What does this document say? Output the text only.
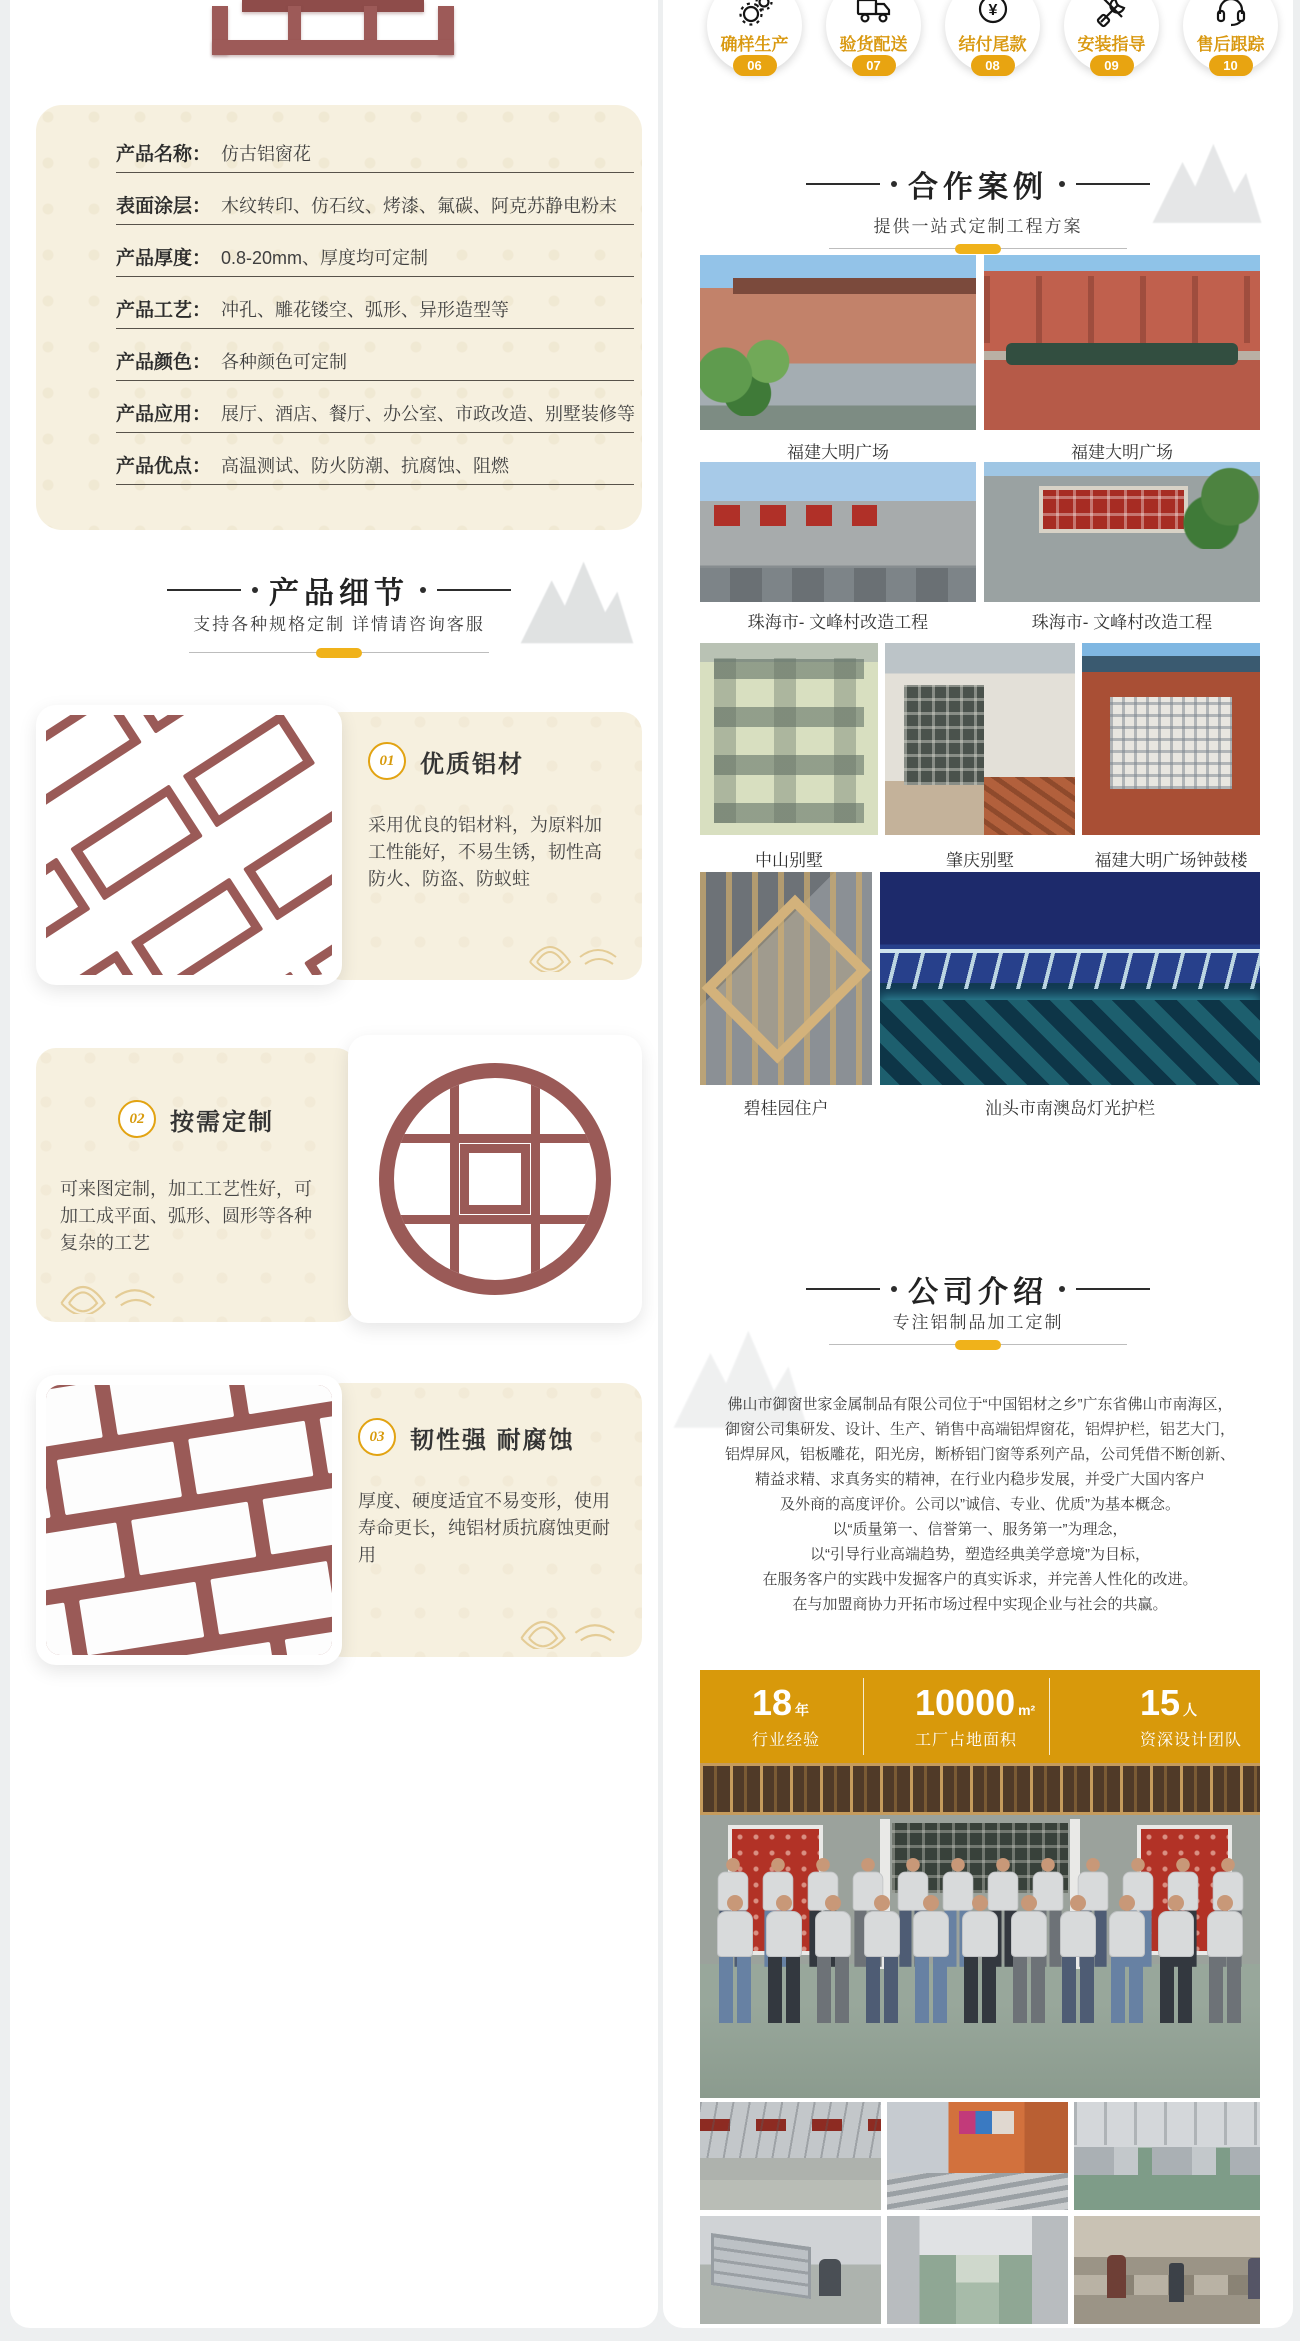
产品名称： 仿古铝窗花
表面涂层： 木纹转印、仿石纹、烤漆、氟碳、阿克苏静电粉末
产品厚度： 0.8-20mm、厚度均可定制
产品工艺： 冲孔、雕花镂空、弧形、异形造型等
产品颜色： 各种颜色可定制
产品应用： 展厅、酒店、餐厅、办公室、市政改造、别墅装修等
产品优点： 高温测试、防火防潮、抗腐蚀、阻燃
产品细节
支持各种规格定制 详情请咨询客服
01	优质铝材
采用优良的铝材料，为原料加
工性能好，不易生锈，韧性高
防火、防盗、防蚁蛀
02	按需定制
可来图定制，加工工艺性好，可
加工成平面、弧形、圆形等各种
复杂的工艺
03	韧性强 耐腐蚀
厚度、硬度适宜不易变形，使用
寿命更长，纯铝材质抗腐蚀更耐
用
确样生产
06
验货配送
07
¥
结付尾款
08
安装指导
09
售后跟踪
10
合作案例
提供一站式定制工程方案
福建大明广场	福建大明广场
珠海市- 文峰村改造工程	珠海市- 文峰村改造工程
中山别墅	肇庆别墅	福建大明广场钟鼓楼
碧桂园住户	汕头市南澳岛灯光护栏
公司介绍
专注铝制品加工定制
佛山市御窗世家金属制品有限公司位于“中国铝材之乡”广东省佛山市南海区，
御窗公司集研发、设计、生产、销售中高端铝焊窗花，铝焊护栏，铝艺大门，
铝焊屏风，铝板雕花，阳光房，断桥铝门窗等系列产品，公司凭借不断创新、
精益求精、求真务实的精神，在行业内稳步发展，并受广大国内客户
及外商的高度评价。公司以”诚信、专业、优质”为基本概念。
以“质量第一、信誉第一、服务第一”为理念，
以“引导行业高端趋势，塑造经典美学意境”为目标，
在服务客户的实践中发掘客户的真实诉求，并完善人性化的改进。
在与加盟商协力开拓市场过程中实现企业与社会的共赢。
18 年
行业经验
10000 m²
工厂占地面积
15 人
资深设计团队
